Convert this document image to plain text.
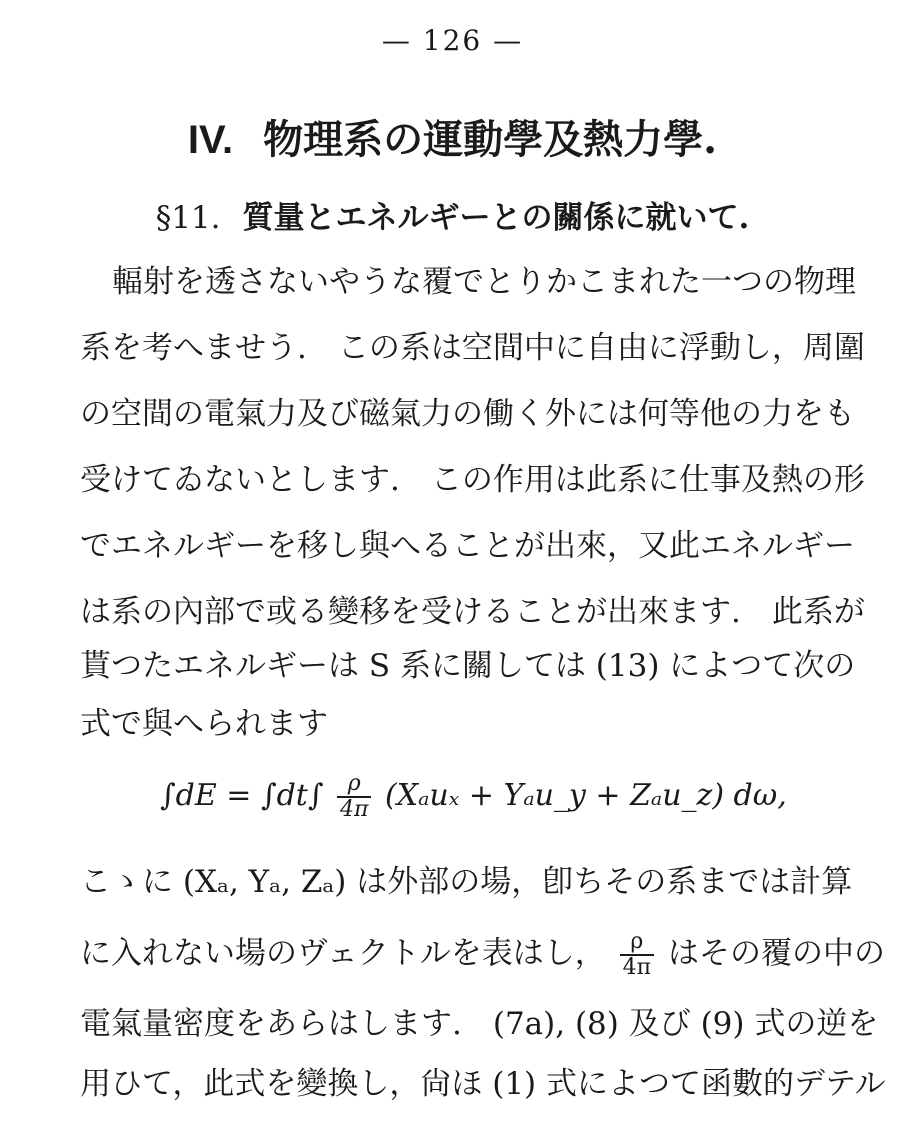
— 126 —
IV. 物理系の運動學及熱力學.
§11. 質量とエネルギーとの關係に就いて.
輻射を透さないやうな覆でとりかこまれた一つの物理
系を考へませう.　この系は空間中に自由に浮動し，周圍
の空間の電氣力及び磁氣力の働く外には何等他の力をも
受けてゐないとします.　この作用は此系に仕事及熱の形
でエネルギーを移し與へることが出來，又此エネルギー
は系の內部で或る變移を受けることが出來ます.　此系が
貰つたエネルギーは S 系に關しては (13) によつて次の
式で與へられます
$\int dE = \int dt\int \frac{\rho}{4\pi} (X_au_x$ + Yₐu_y + Zₐu_z) dω,
こゝに (Xₐ, Yₐ, Zₐ) は外部の場，卽ちその系までは計算
に入れない場のヴェクトルを表はし， $\frac{\rho}{4\pi}$ はその覆の中の
電氣量密度をあらはします.　(7a), (8) 及び (9) 式の逆を
用ひて，此式を變換し，尙ほ (1) 式によつて函數的デテル
